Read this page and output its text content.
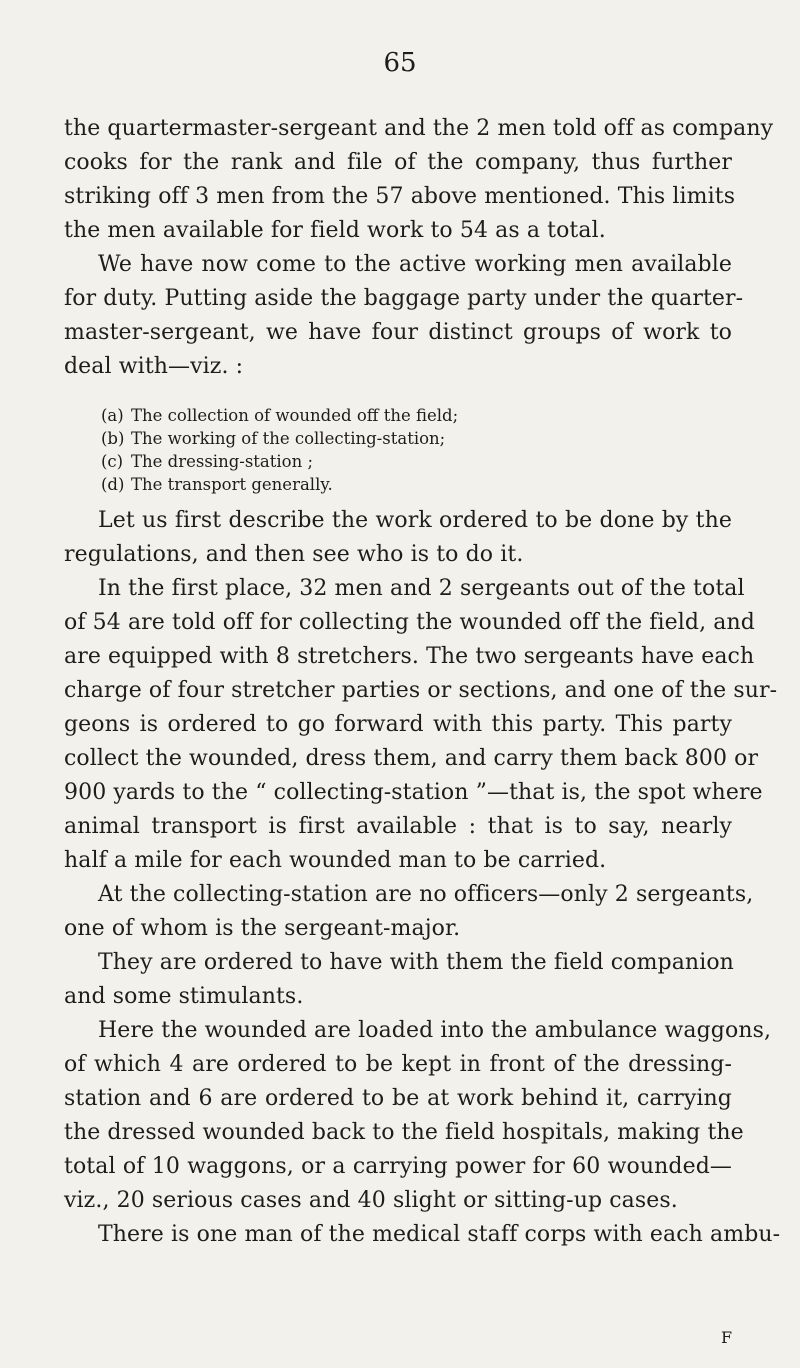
65
the quartermaster-sergeant and the 2 men told off as company
cooks for the rank and file of the company, thus further
striking off 3 men from the 57 above mentioned. This limits
the men available for field work to 54 as a total.
We have now come to the active working men available
for duty. Putting aside the baggage party under the quarter-
master-sergeant, we have four distinct groups of work to
deal with—viz. :
(a) The collection of wounded off the field;
(b) The working of the collecting-station;
(c) The dressing-station ;
(d) The transport generally.
Let us first describe the work ordered to be done by the
regulations, and then see who is to do it.
In the first place, 32 men and 2 sergeants out of the total
of 54 are told off for collecting the wounded off the field, and
are equipped with 8 stretchers. The two sergeants have each
charge of four stretcher parties or sections, and one of the sur-
geons is ordered to go forward with this party. This party
collect the wounded, dress them, and carry them back 800 or
900 yards to the “ collecting-station ”—that is, the spot where
animal transport is first available : that is to say, nearly
half a mile for each wounded man to be carried.
At the collecting-station are no officers—only 2 sergeants,
one of whom is the sergeant-major.
They are ordered to have with them the field companion
and some stimulants.
Here the wounded are loaded into the ambulance waggons,
of which 4 are ordered to be kept in front of the dressing-
station and 6 are ordered to be at work behind it, carrying
the dressed wounded back to the field hospitals, making the
total of 10 waggons, or a carrying power for 60 wounded—
viz., 20 serious cases and 40 slight or sitting-up cases.
There is one man of the medical staff corps with each ambu-
F
